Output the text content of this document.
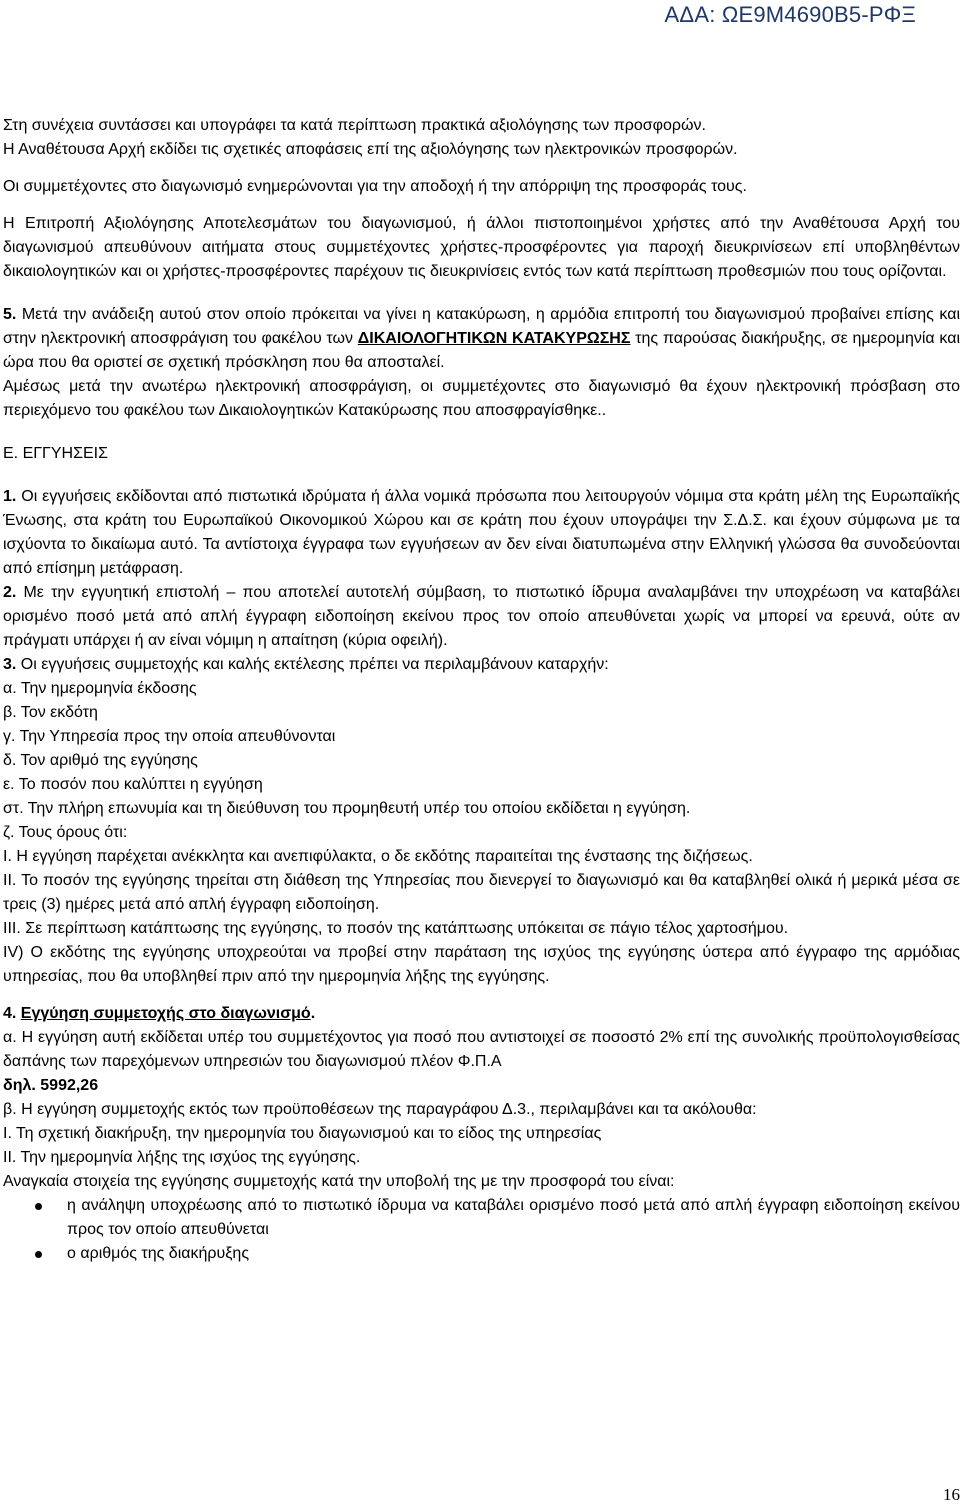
ΑΔΑ: ΩΕ9Μ4690Β5-ΡΦΞ

Στη συνέχεια συντάσσει και υπογράφει τα κατά περίπτωση πρακτικά αξιολόγησης των προσφορών.

Η Αναθέτουσα Αρχή εκδίδει τις σχετικές αποφάσεις επί της αξιολόγησης των ηλεκτρονικών προσφορών.

Οι συμμετέχοντες στο διαγωνισμό ενημερώνονται για την αποδοχή ή την απόρριψη της προσφοράς τους.

Η Επιτροπή Αξιολόγησης Αποτελεσμάτων του διαγωνισμού, ή άλλοι πιστοποιημένοι χρήστες από την Αναθέτουσα Αρχή του διαγωνισμού απευθύνουν αιτήματα στους συμμετέχοντες χρήστες-προσφέροντες για παροχή διευκρινίσεων επί υποβληθέντων δικαιολογητικών και οι χρήστες-προσφέροντες παρέχουν τις διευκρινίσεις εντός των κατά περίπτωση προθεσμιών που τους ορίζονται.

5. Μετά την ανάδειξη αυτού στον οποίο πρόκειται να γίνει η κατακύρωση, η αρμόδια επιτροπή του διαγωνισμού προβαίνει επίσης και στην ηλεκτρονική αποσφράγιση του φακέλου των ΔΙΚΑΙΟΛΟΓΗΤΙΚΩΝ ΚΑΤΑΚΥΡΩΣΗΣ της παρούσας διακήρυξης, σε ημερομηνία και ώρα που θα οριστεί σε σχετική πρόσκληση που θα αποσταλεί.

Αμέσως μετά την ανωτέρω ηλεκτρονική αποσφράγιση, οι συμμετέχοντες στο διαγωνισμό θα έχουν ηλεκτρονική πρόσβαση στο περιεχόμενο του φακέλου των Δικαιολογητικών Κατακύρωσης που αποσφραγίσθηκε..

Ε. ΕΓΓΥΗΣΕΙΣ

1. Οι εγγυήσεις εκδίδονται από πιστωτικά ιδρύματα ή άλλα νομικά πρόσωπα που λειτουργούν νόμιμα στα κράτη μέλη της Ευρωπαϊκής Ένωσης, στα κράτη του Ευρωπαϊκού Οικονομικού Χώρου και σε κράτη που έχουν υπογράψει την Σ.Δ.Σ. και έχουν σύμφωνα με τα ισχύοντα το δικαίωμα αυτό. Τα αντίστοιχα έγγραφα των εγγυήσεων αν δεν είναι διατυπωμένα στην Ελληνική γλώσσα θα συνοδεύονται από επίσημη μετάφραση.

2. Με την εγγυητική επιστολή – που αποτελεί αυτοτελή σύμβαση, το πιστωτικό ίδρυμα αναλαμβάνει την υποχρέωση να καταβάλει ορισμένο ποσό μετά από απλή έγγραφη ειδοποίηση εκείνου προς τον οποίο απευθύνεται χωρίς να μπορεί να ερευνά, ούτε αν πράγματι υπάρχει ή αν είναι νόμιμη η απαίτηση (κύρια οφειλή).

3. Οι εγγυήσεις συμμετοχής και καλής εκτέλεσης πρέπει να περιλαμβάνουν καταρχήν:

α. Την ημερομηνία έκδοσης

β. Τον εκδότη

γ. Την Υπηρεσία προς την οποία απευθύνονται

δ. Τον αριθμό της εγγύησης

ε. Το ποσόν που καλύπτει η εγγύηση

στ. Την πλήρη επωνυμία και τη διεύθυνση του προμηθευτή υπέρ του οποίου εκδίδεται η εγγύηση.

ζ. Τους όρους ότι:

Ι. Η εγγύηση παρέχεται ανέκκλητα και ανεπιφύλακτα, ο δε εκδότης παραιτείται της ένστασης της διζήσεως.

ΙΙ. Το ποσόν της εγγύησης τηρείται στη διάθεση της Υπηρεσίας που διενεργεί το διαγωνισμό και θα καταβληθεί ολικά ή μερικά μέσα σε τρεις (3) ημέρες μετά από απλή έγγραφη ειδοποίηση.

ΙΙΙ. Σε περίπτωση κατάπτωσης της εγγύησης, το ποσόν της κατάπτωσης υπόκειται σε πάγιο τέλος χαρτοσήμου.

IV) Ο εκδότης της εγγύησης υποχρεούται να προβεί στην παράταση της ισχύος της εγγύησης ύστερα από έγγραφο της αρμόδιας υπηρεσίας, που θα υποβληθεί πριν από την ημερομηνία λήξης της εγγύησης.

4. Εγγύηση συμμετοχής στο διαγωνισμό.

α. Η εγγύηση αυτή εκδίδεται υπέρ του συμμετέχοντος για ποσό που αντιστοιχεί σε ποσοστό 2% επί της συνολικής προϋπολογισθείσας δαπάνης των παρεχόμενων υπηρεσιών του διαγωνισμού πλέον Φ.Π.Α

δηλ. 5992,26

β. Η εγγύηση συμμετοχής εκτός των προϋποθέσεων της παραγράφου Δ.3., περιλαμβάνει και τα ακόλουθα:

Ι. Τη σχετική διακήρυξη, την ημερομηνία του διαγωνισμού και το είδος της υπηρεσίας

ΙΙ. Την ημερομηνία λήξης της ισχύος της εγγύησης.

Αναγκαία στοιχεία της εγγύησης συμμετοχής κατά την υποβολή της με την προσφορά του είναι:

η ανάληψη υποχρέωσης από το πιστωτικό ίδρυμα να καταβάλει ορισμένο ποσό μετά από απλή έγγραφη ειδοποίηση εκείνου προς τον οποίο απευθύνεται
ο αριθμός της διακήρυξης
16
